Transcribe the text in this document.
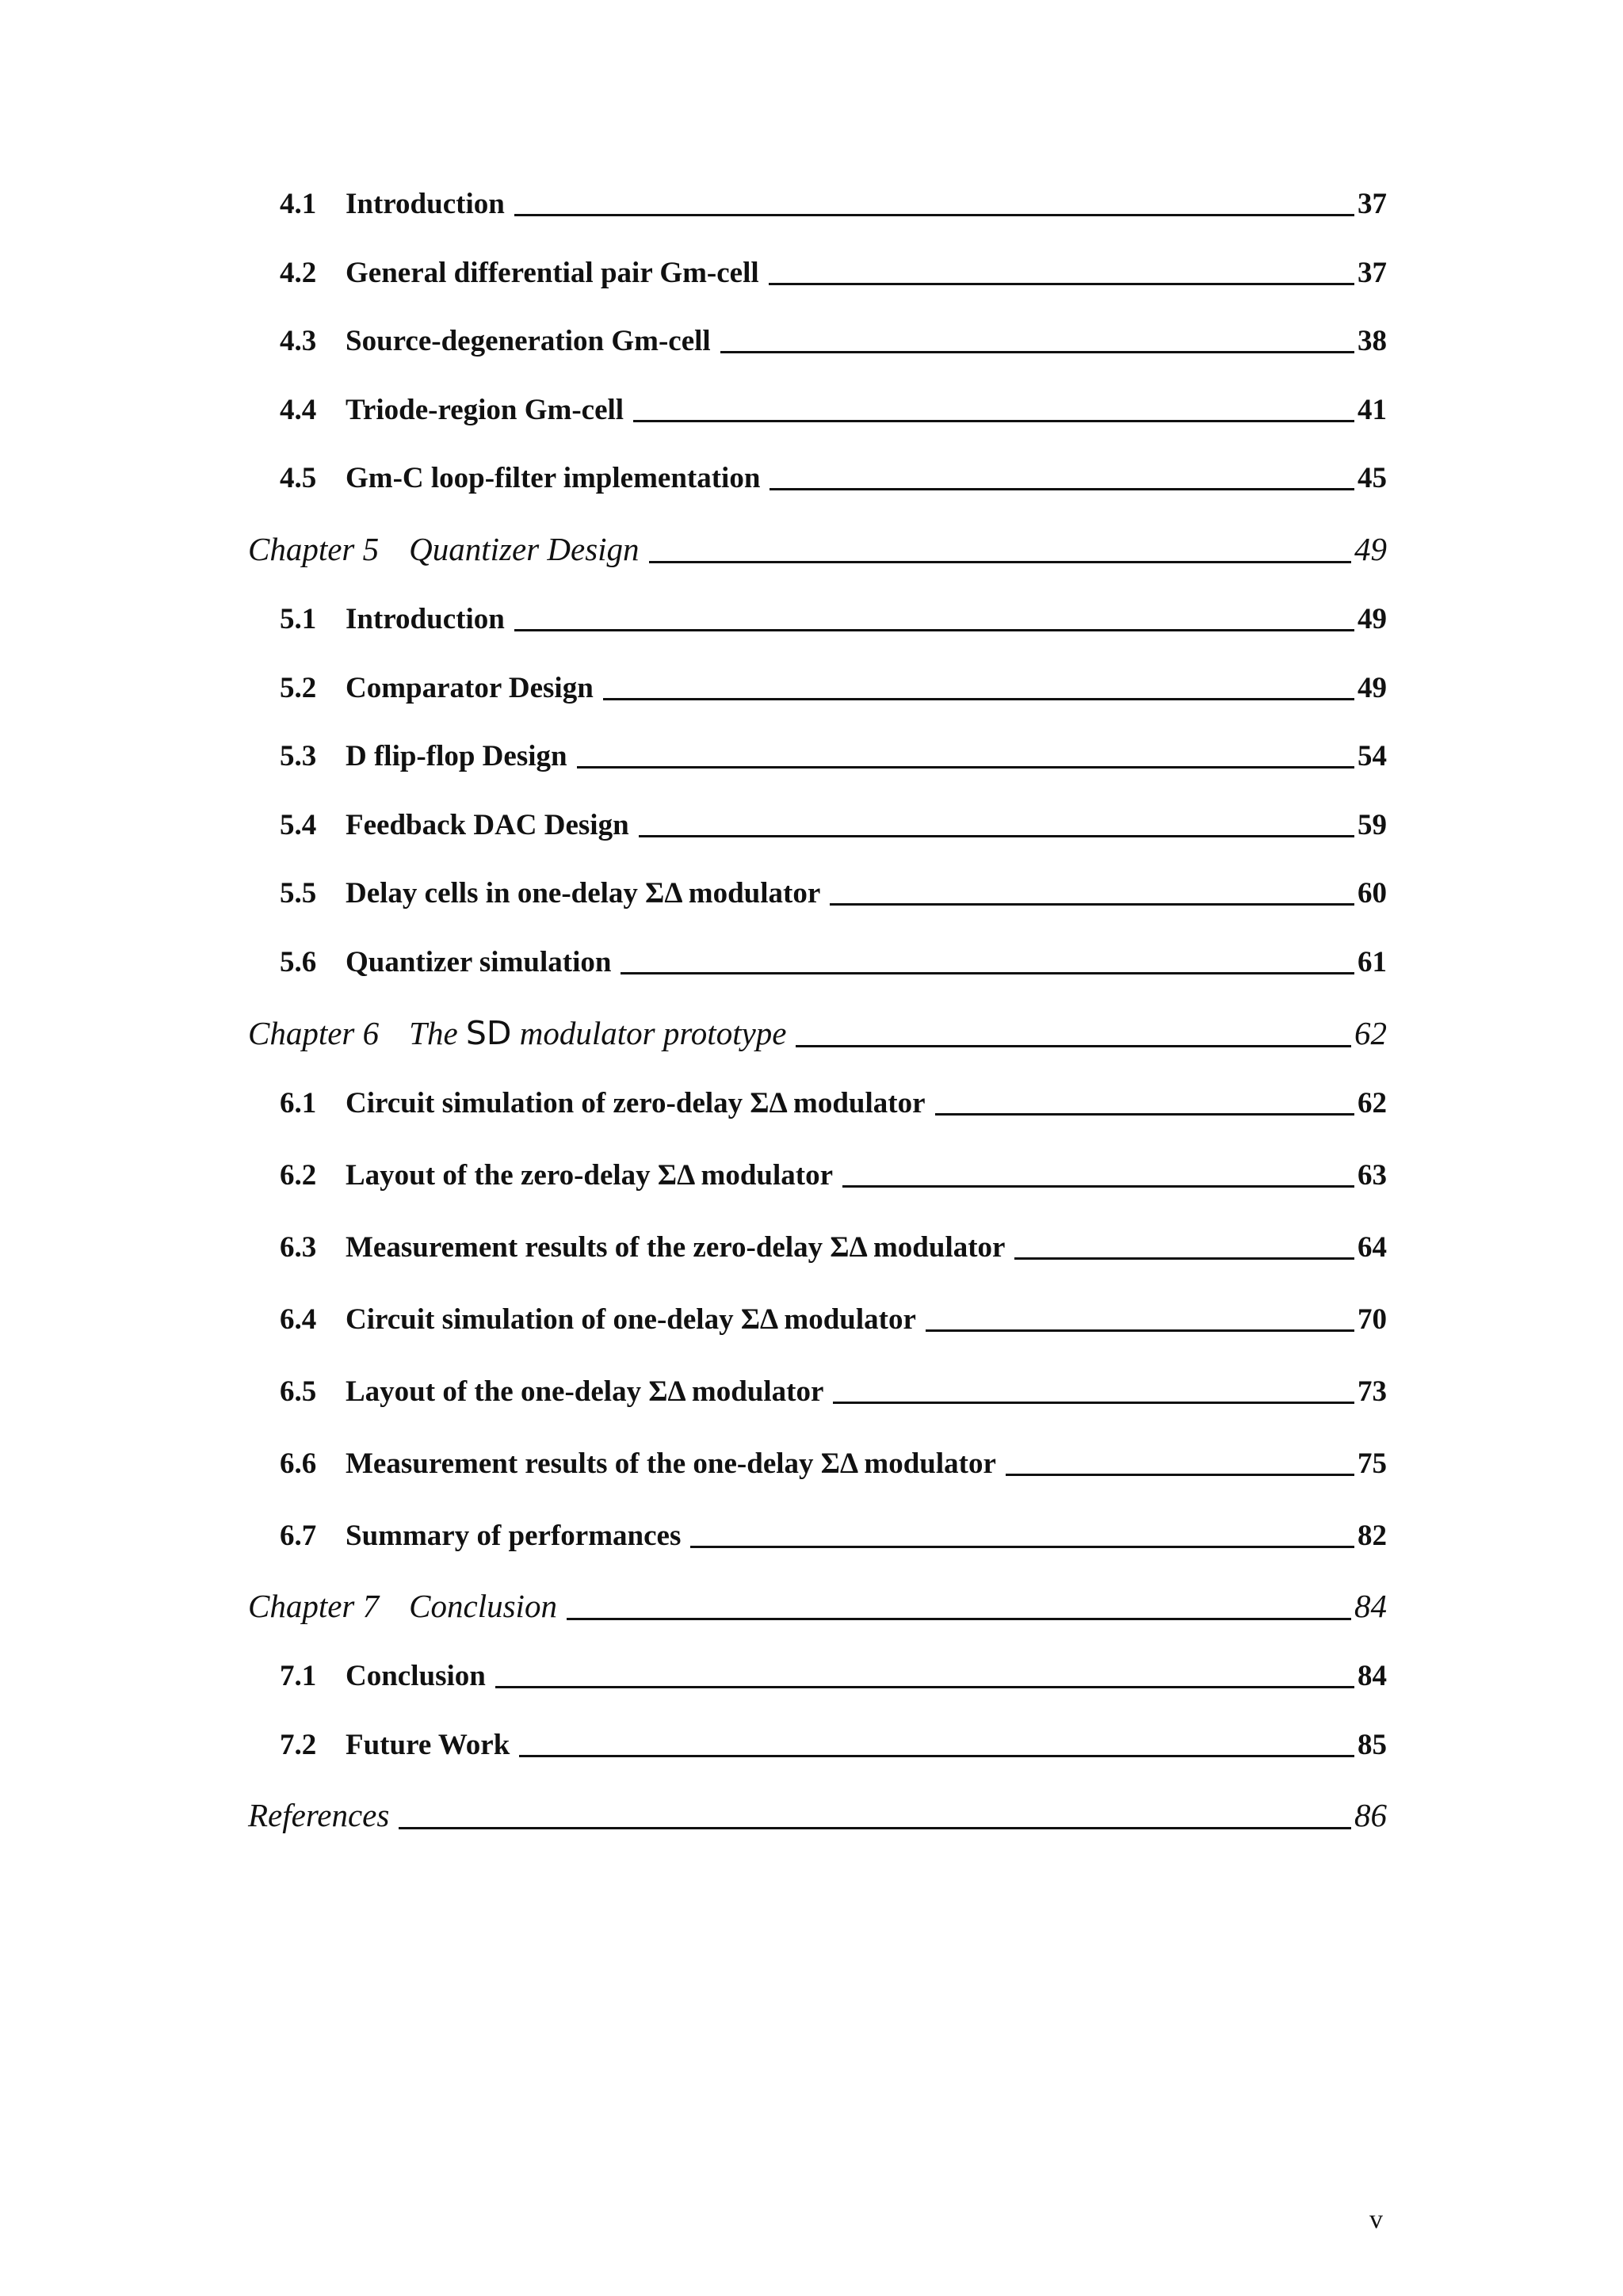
4.1 Introduction	37
4.2 General differential pair Gm-cell	37
4.3 Source-degeneration Gm-cell	38
4.4 Triode-region Gm-cell	41
4.5 Gm-C loop-filter implementation	45
Chapter 5 Quantizer Design	49
5.1 Introduction	49
5.2 Comparator Design	49
5.3 D flip-flop Design	54
5.4 Feedback DAC Design	59
5.5 Delay cells in one-delay ΣΔ modulator	60
5.6 Quantizer simulation	61
Chapter 6 The SD modulator prototype	62
6.1 Circuit simulation of zero-delay ΣΔ modulator	62
6.2 Layout of the zero-delay ΣΔ modulator	63
6.3 Measurement results of the zero-delay ΣΔ modulator	64
6.4 Circuit simulation of one-delay ΣΔ modulator	70
6.5 Layout of the one-delay ΣΔ modulator	73
6.6 Measurement results of the one-delay ΣΔ modulator	75
6.7 Summary of performances	82
Chapter 7 Conclusion	84
7.1 Conclusion	84
7.2 Future Work	85
References	86
v
